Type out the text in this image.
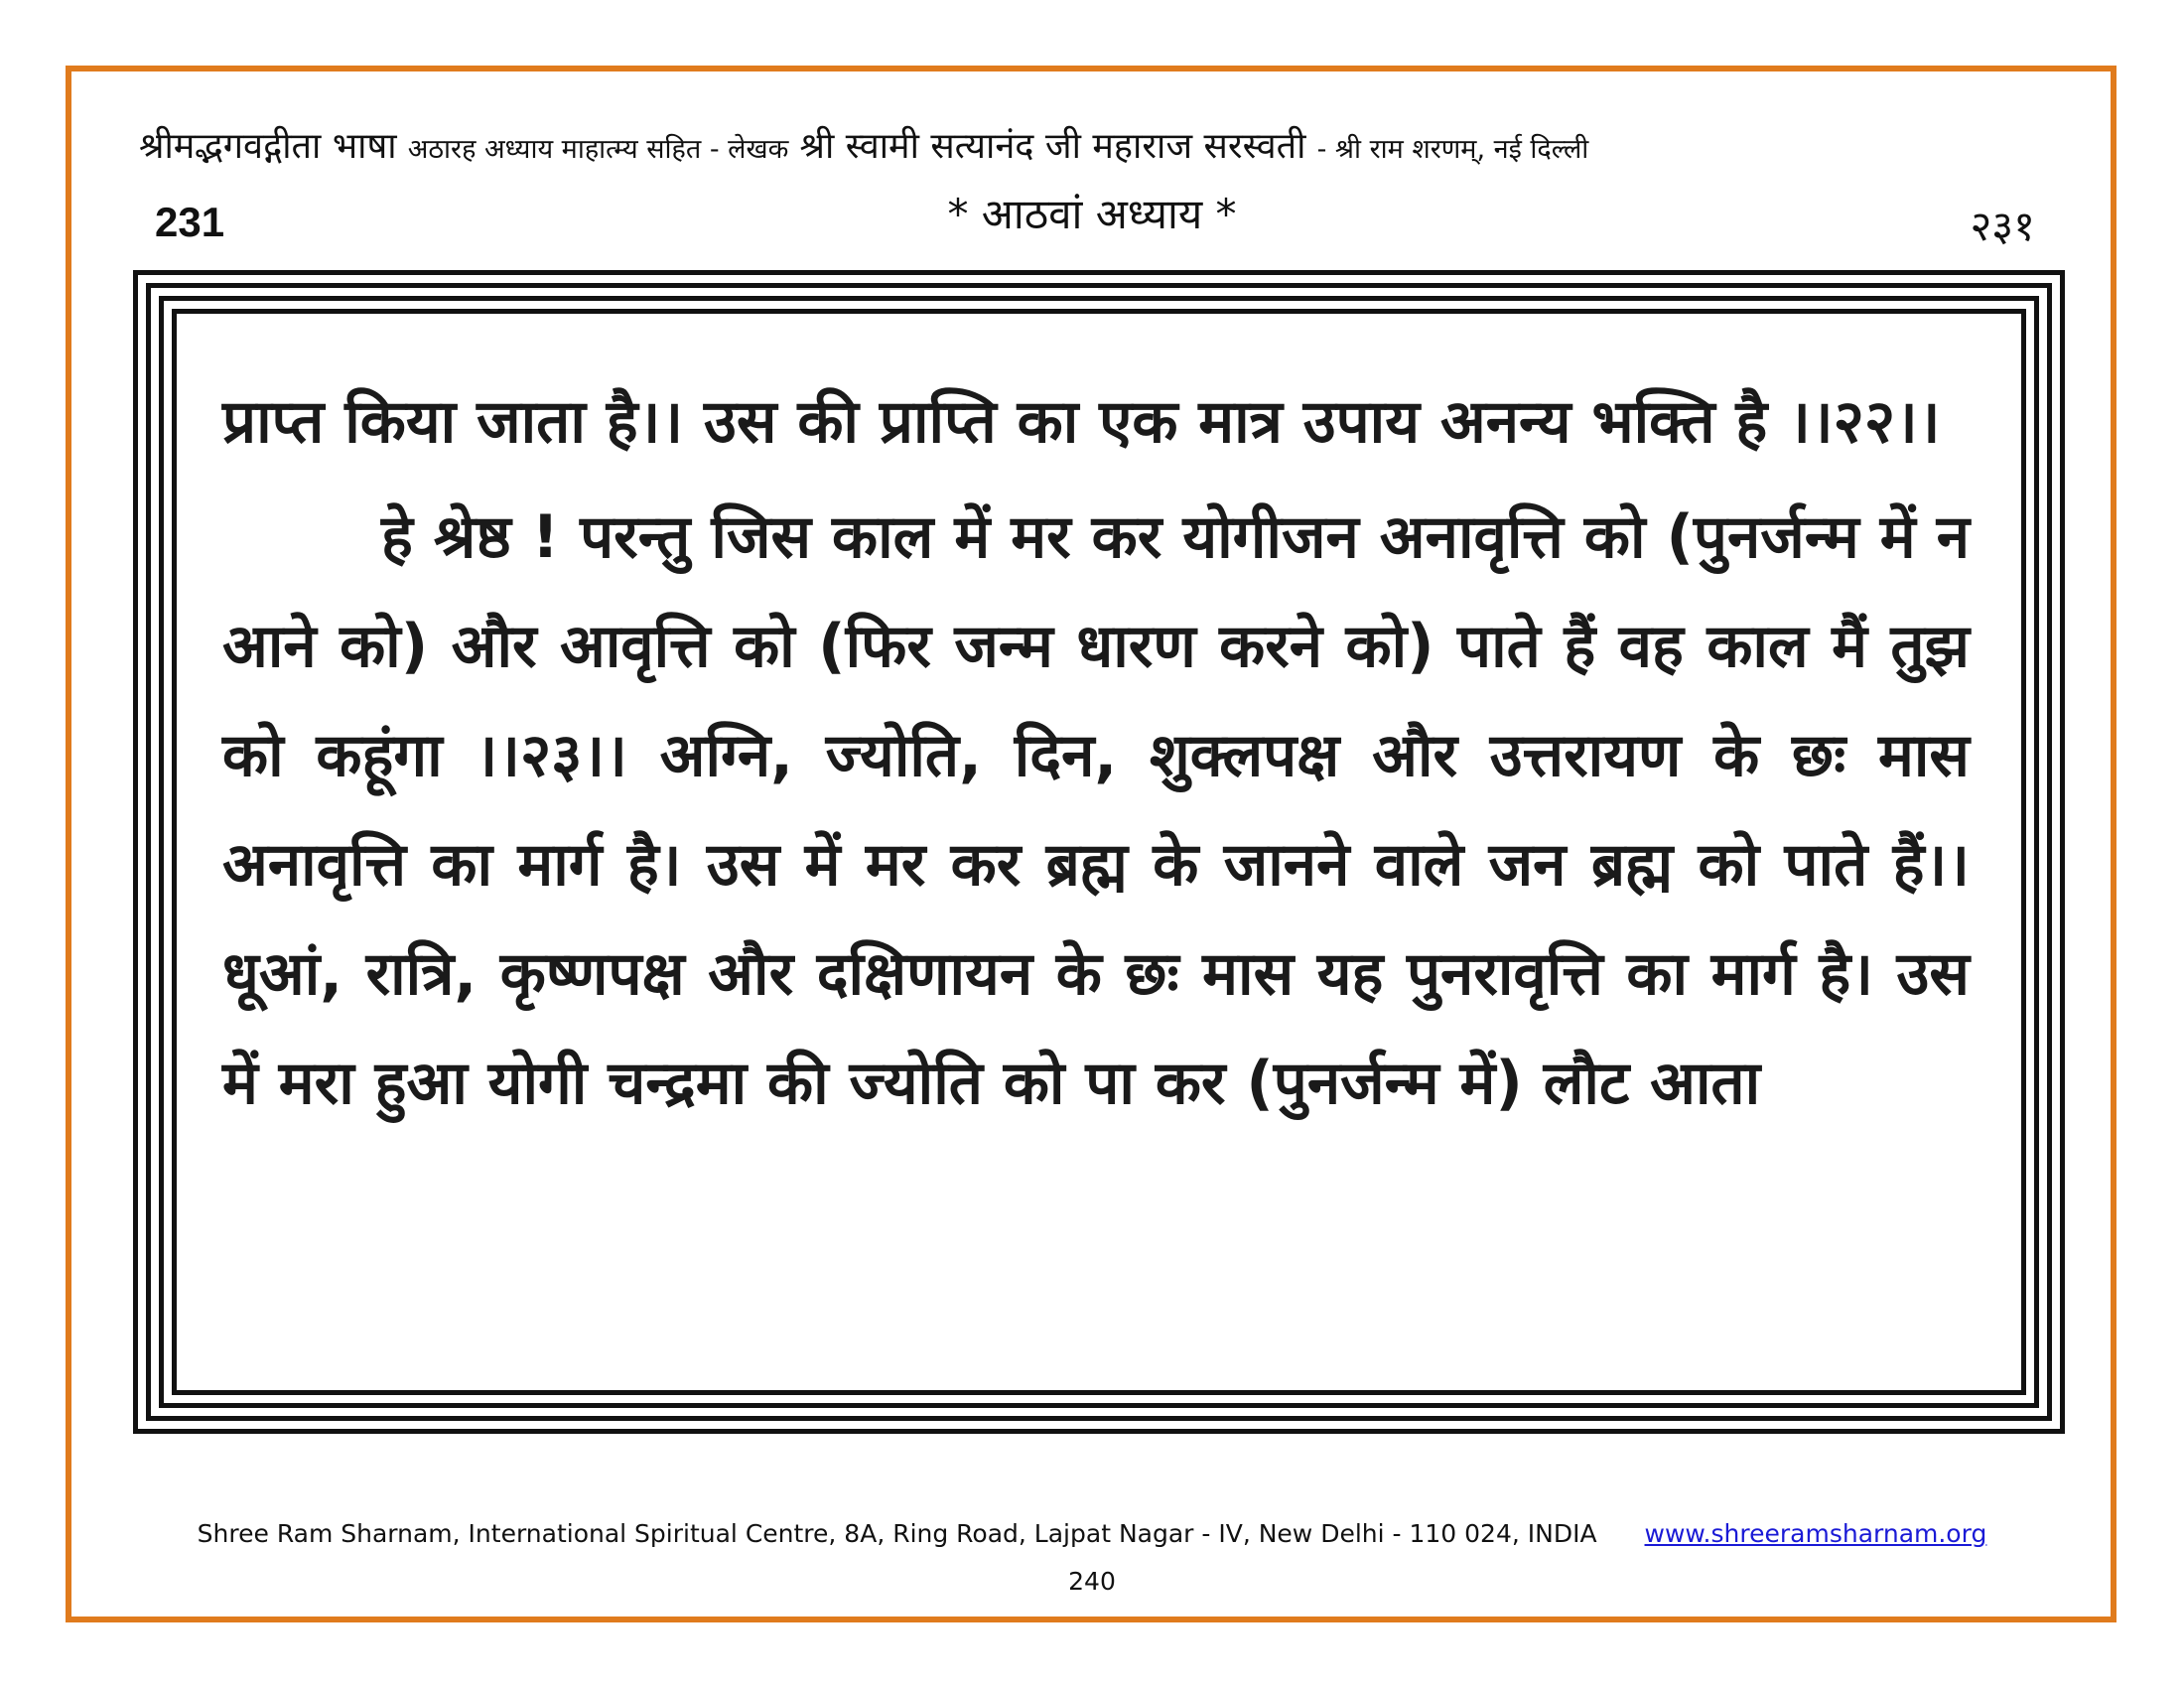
श्रीमद्भगवद्गीता भाषा अठारह अध्याय माहात्म्य सहित - लेखक श्री स्वामी सत्यानंद जी महाराज सरस्वती - श्री राम शरणम्, नई दिल्ली
231	* आठवां अध्याय *	२३१

प्राप्त किया जाता है।। उस की प्राप्ति का एक मात्र उपाय अनन्य भक्ति है ।।२२।।

हे श्रेष्ठ ! परन्तु जिस काल में मर कर योगीजन अनावृत्ति को (पुनर्जन्म में न आने को) और आवृत्ति को (फिर जन्म धारण करने को) पाते हैं वह काल मैं तुझ को कहूंगा ।।२३।। अग्नि, ज्योति, दिन, शुक्लपक्ष और उत्तरायण के छः मास अनावृत्ति का मार्ग है। उस में मर कर ब्रह्म के जानने वाले जन ब्रह्म को पाते हैं।। धूआं, रात्रि, कृष्णपक्ष और दक्षिणायन के छः मास यह पुनरावृत्ति का मार्ग है। उस में मरा हुआ योगी चन्द्रमा की ज्योति को पा कर (पुनर्जन्म में) लौट आता

Shree Ram Sharnam, International Spiritual Centre, 8A, Ring Road, Lajpat Nagar - IV, New Delhi - 110 024, INDIA www.shreeramsharnam.org
240
